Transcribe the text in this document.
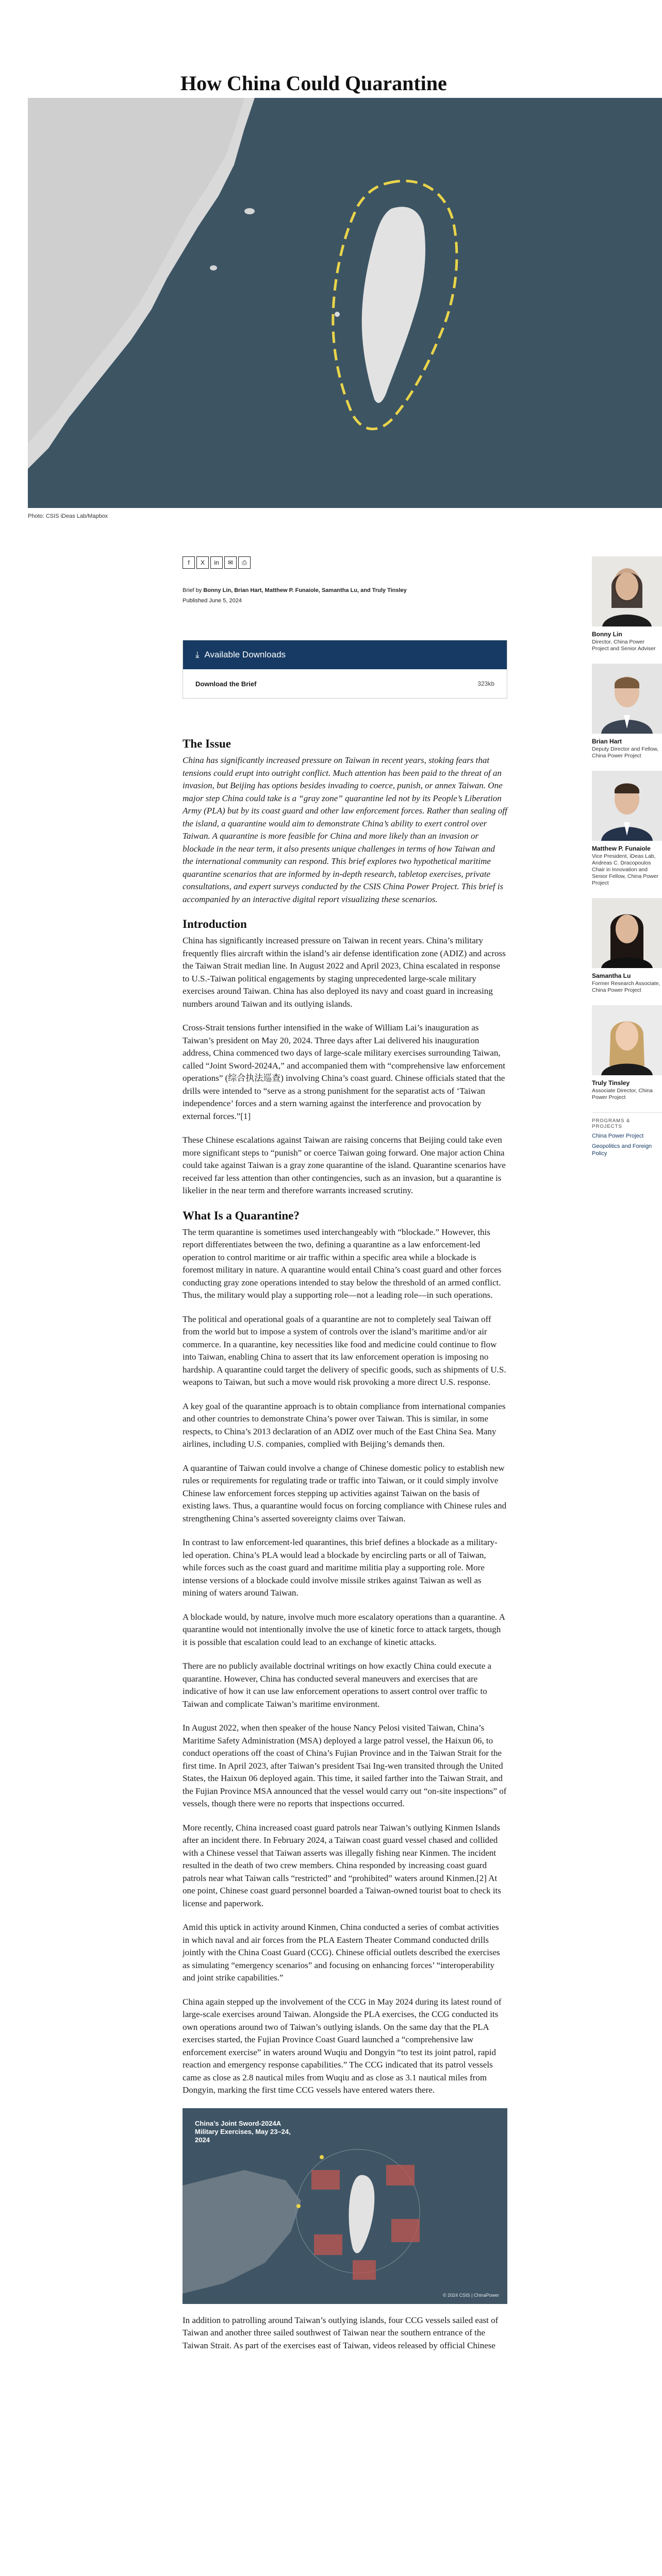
How China Could Quarantine
Photo: CSIS iDeas Lab/Mapbox
f	X	in	✉	⎙
Brief by Bonny Lin, Brian Hart, Matthew P. Funaiole, Samantha Lu, and Truly Tinsley
Published June 5, 2024
⤓ Available Downloads
Download the Brief	323kb
The Issue

China has significantly increased pressure on Taiwan in recent years, stoking fears that tensions could erupt into outright conflict. Much attention has been paid to the threat of an invasion, but Beijing has options besides invading to coerce, punish, or annex Taiwan. One major step China could take is a “gray zone” quarantine led not by its People’s Liberation Army (PLA) but by its coast guard and other law enforcement forces. Rather than sealing off the island, a quarantine would aim to demonstrate China’s ability to exert control over Taiwan. A quarantine is more feasible for China and more likely than an invasion or blockade in the near term, it also presents unique challenges in terms of how Taiwan and the international community can respond. This brief explores two hypothetical maritime quarantine scenarios that are informed by in-depth research, tabletop exercises, private consultations, and expert surveys conducted by the CSIS China Power Project. This brief is accompanied by an interactive digital report visualizing these scenarios.

Introduction

China has significantly increased pressure on Taiwan in recent years. China’s military frequently flies aircraft within the island’s air defense identification zone (ADIZ) and across the Taiwan Strait median line. In August 2022 and April 2023, China escalated in response to U.S.-Taiwan political engagements by staging unprecedented large-scale military exercises around Taiwan. China has also deployed its navy and coast guard in increasing numbers around Taiwan and its outlying islands.

Cross-Strait tensions further intensified in the wake of William Lai’s inauguration as Taiwan’s president on May 20, 2024. Three days after Lai delivered his inauguration address, China commenced two days of large-scale military exercises surrounding Taiwan, called “Joint Sword-2024A,” and accompanied them with “comprehensive law enforcement operations” (综合执法巡查) involving China’s coast guard. Chinese officials stated that the drills were intended to “serve as a strong punishment for the separatist acts of ‘Taiwan independence’ forces and a stern warning against the interference and provocation by external forces.”[1]

These Chinese escalations against Taiwan are raising concerns that Beijing could take even more significant steps to “punish” or coerce Taiwan going forward. One major action China could take against Taiwan is a gray zone quarantine of the island. Quarantine scenarios have received far less attention than other contingencies, such as an invasion, but a quarantine is likelier in the near term and therefore warrants increased scrutiny.

What Is a Quarantine?

The term quarantine is sometimes used interchangeably with “blockade.” However, this report differentiates between the two, defining a quarantine as a law enforcement-led operation to control maritime or air traffic within a specific area while a blockade is foremost military in nature. A quarantine would entail China’s coast guard and other forces conducting gray zone operations intended to stay below the threshold of an armed conflict. Thus, the military would play a supporting role—not a leading role—in such operations.

The political and operational goals of a quarantine are not to completely seal Taiwan off from the world but to impose a system of controls over the island’s maritime and/or air commerce. In a quarantine, key necessities like food and medicine could continue to flow into Taiwan, enabling China to assert that its law enforcement operation is imposing no hardship. A quarantine could target the delivery of specific goods, such as shipments of U.S. weapons to Taiwan, but such a move would risk provoking a more direct U.S. response.

A key goal of the quarantine approach is to obtain compliance from international companies and other countries to demonstrate China’s power over Taiwan. This is similar, in some respects, to China’s 2013 declaration of an ADIZ over much of the East China Sea. Many airlines, including U.S. companies, complied with Beijing’s demands then.

A quarantine of Taiwan could involve a change of Chinese domestic policy to establish new rules or requirements for regulating trade or traffic into Taiwan, or it could simply involve Chinese law enforcement forces stepping up activities against Taiwan on the basis of existing laws. Thus, a quarantine would focus on forcing compliance with Chinese rules and strengthening China’s asserted sovereignty claims over Taiwan.

In contrast to law enforcement-led quarantines, this brief defines a blockade as a military-led operation. China’s PLA would lead a blockade by encircling parts or all of Taiwan, while forces such as the coast guard and maritime militia play a supporting role. More intense versions of a blockade could involve missile strikes against Taiwan as well as mining of waters around Taiwan.

A blockade would, by nature, involve much more escalatory operations than a quarantine. A quarantine would not intentionally involve the use of kinetic force to attack targets, though it is possible that escalation could lead to an exchange of kinetic attacks.

There are no publicly available doctrinal writings on how exactly China could execute a quarantine. However, China has conducted several maneuvers and exercises that are indicative of how it can use law enforcement operations to assert control over traffic to Taiwan and complicate Taiwan’s maritime environment.

In August 2022, when then speaker of the house Nancy Pelosi visited Taiwan, China’s Maritime Safety Administration (MSA) deployed a large patrol vessel, the Haixun 06, to conduct operations off the coast of China’s Fujian Province and in the Taiwan Strait for the first time. In April 2023, after Taiwan’s president Tsai Ing-wen transited through the United States, the Haixun 06 deployed again. This time, it sailed farther into the Taiwan Strait, and the Fujian Province MSA announced that the vessel would carry out “on-site inspections” of vessels, though there were no reports that inspections occurred.

More recently, China increased coast guard patrols near Taiwan’s outlying Kinmen Islands after an incident there. In February 2024, a Taiwan coast guard vessel chased and collided with a Chinese vessel that Taiwan asserts was illegally fishing near Kinmen. The incident resulted in the death of two crew members. China responded by increasing coast guard patrols near what Taiwan calls “restricted” and “prohibited” waters around Kinmen.[2] At one point, Chinese coast guard personnel boarded a Taiwan-owned tourist boat to check its license and paperwork.

Amid this uptick in activity around Kinmen, China conducted a series of combat activities in which naval and air forces from the PLA Eastern Theater Command conducted drills jointly with the China Coast Guard (CCG). Chinese official outlets described the exercises as simulating “emergency scenarios” and focusing on enhancing forces’ “interoperability and joint strike capabilities.”

China again stepped up the involvement of the CCG in May 2024 during its latest round of large-scale exercises around Taiwan. Alongside the PLA exercises, the CCG conducted its own operations around two of Taiwan’s outlying islands. On the same day that the PLA exercises started, the Fujian Province Coast Guard launched a “comprehensive law enforcement exercise” in waters around Wuqiu and Dongyin “to test its joint patrol, rapid reaction and emergency response capabilities.” The CCG indicated that its patrol vessels came as close as 2.8 nautical miles from Wuqiu and as close as 3.1 nautical miles from Dongyin, marking the first time CCG vessels have entered waters there.

China’s Joint Sword-2024A Military Exercises, May 23–24, 2024
© 2024 CSIS | ChinaPower

In addition to patrolling around Taiwan’s outlying islands, four CCG vessels sailed east of Taiwan and another three sailed southwest of Taiwan near the southern entrance of the Taiwan Strait. As part of the exercises east of Taiwan, videos released by official Chinese

Bonny Lin
Director, China Power Project and Senior Adviser
Brian Hart
Deputy Director and Fellow, China Power Project
Matthew P. Funaiole
Vice President, iDeas Lab, Andreas C. Dracopoulos Chair in Innovation and Senior Fellow, China Power Project
Samantha Lu
Former Research Associate, China Power Project
Truly Tinsley
Associate Director, China Power Project
PROGRAMS & PROJECTS
China Power Project
Geopolitics and Foreign Policy
